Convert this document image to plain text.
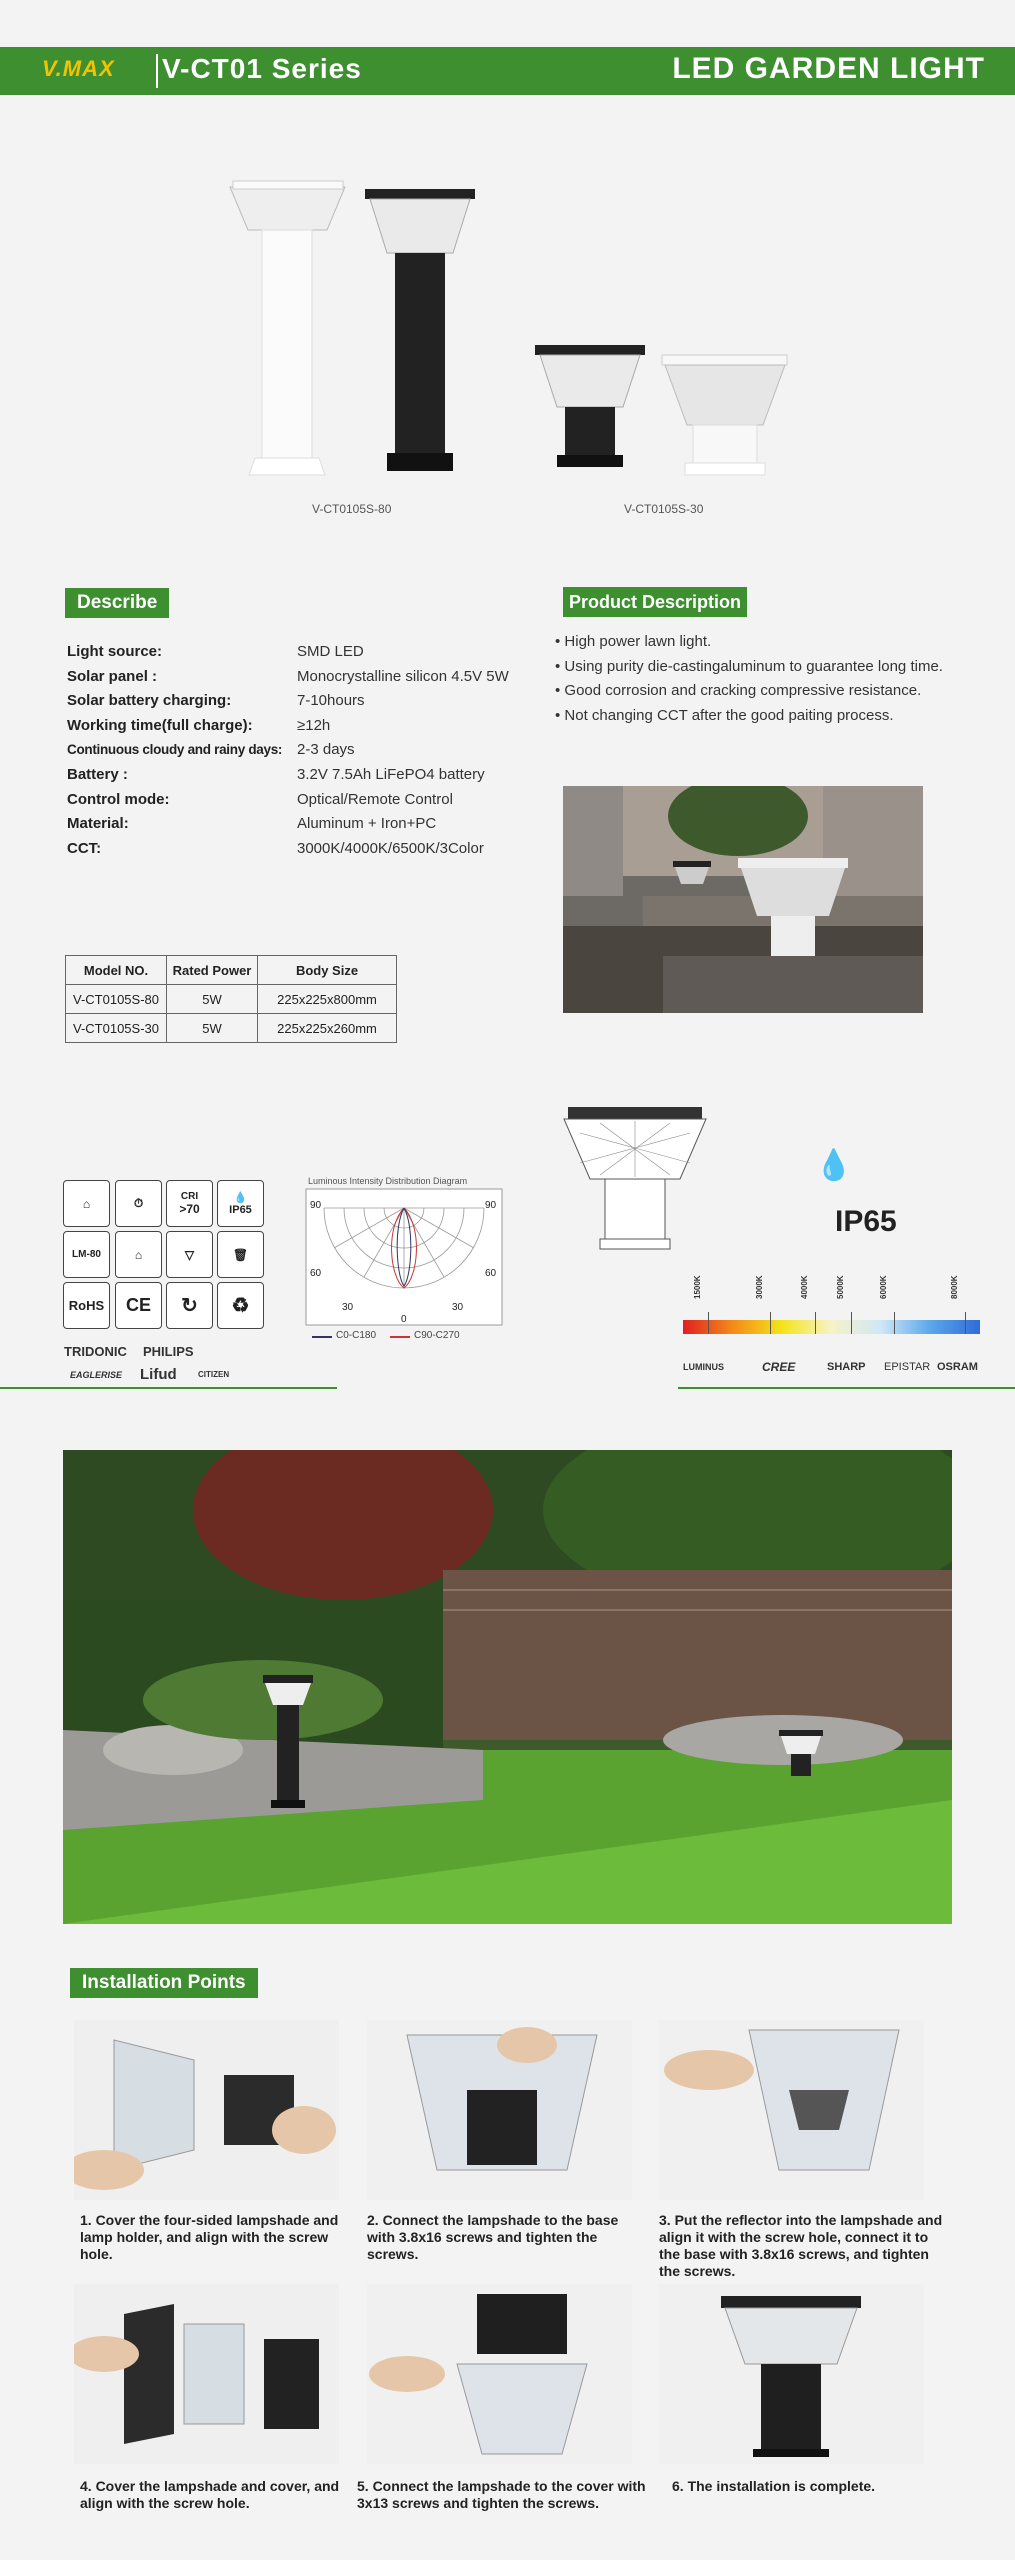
V.MAX V-CT01 Series	LED GARDEN LIGHT
V-CT0105S-80	V-CT0105S-30
Describe
Light source:	SMD LED
Solar panel :	Monocrystalline silicon 4.5V 5W
Solar battery charging:	7-10hours
Working time(full charge):	≥12h
Continuous cloudy and rainy days: 2-3 days
Battery :	3.2V 7.5Ah LiFePO4 battery
Control mode:	Optical/Remote Control
Material:	Aluminum + Iron+PC
CCT:	3000K/4000K/6500K/3Color
Product Description
• High power lawn light.
• Using purity die-castingaluminum to guarantee long time.
• Good corrosion and cracking compressive resistance.
• Not changing CCT after the good paiting process.
Model NO.	Rated Power	Body Size
V-CT0105S-80	5W	225x225x800mm
V-CT0105S-30	5W	225x225x260mm
⌂	⏱	CRI
>70
💧
IP65
LM-80	⌂	▽	🗑
RoHS CE	↻	♻
TRIDONIC PHILIPS
EAGLERISE Lifud	CITIZEN
Luminous Intensity Distribution Diagram
90	90
60	60
30	30
0
C0-C180	C90-C270
💧
IP65
1500K	3000K	4000K	5000K	6000K	8000K
LUMINUS	CREE	SHARP EPISTAR OSRAM
Installation Points
1. Cover the four-sided lampshade and lamp holder, and align with the screw hole.
2. Connect the lampshade to the base with 3.8x16 screws and tighten the screws.
3. Put the reflector into the lampshade and align it with the screw hole, connect it to the base with 3.8x16 screws, and tighten the screws.
4. Cover the lampshade and cover, and align with the screw hole.
5. Connect the lampshade to the cover with 3x13 screws and tighten the screws.
6. The installation is complete.
